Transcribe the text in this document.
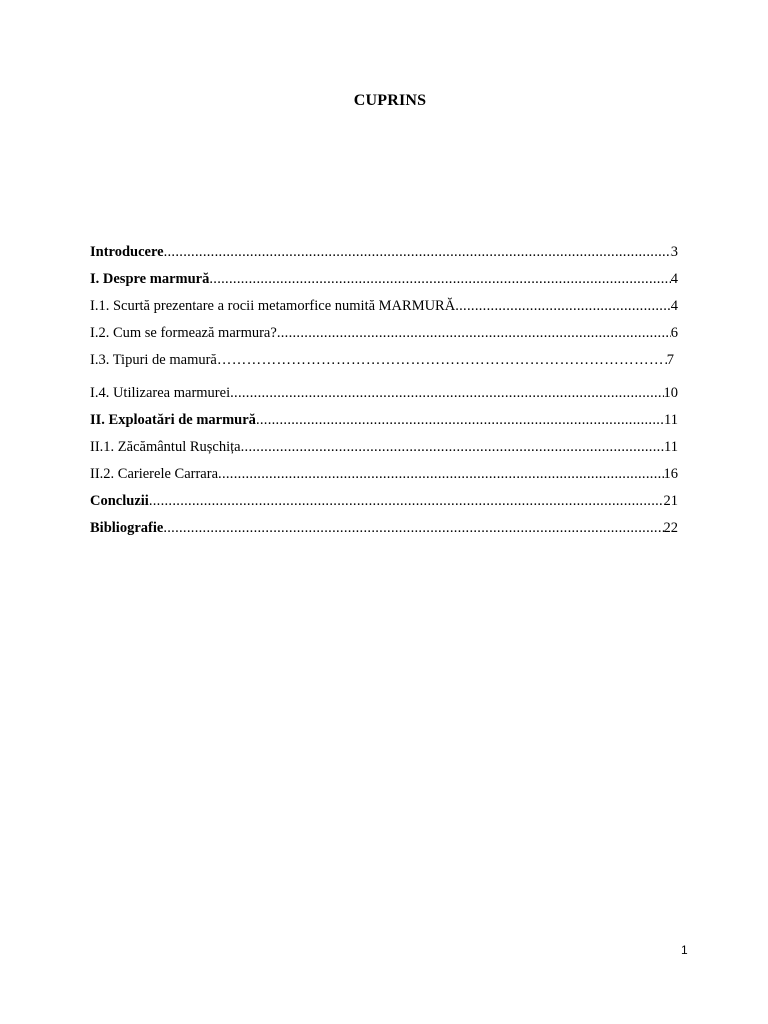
CUPRINS
Introducere .....	3
I. Despre marmură .....	4
I.1. Scurtă prezentare a rocii metamorfice numită MARMURĂ .....	4
I.2. Cum se formează marmura? .....	6
I.3. Tipuri de mamură ………………………………………………………………………………………………………………………………………………………	7
I.4. Utilizarea marmurei .....	10
II. Exploatări de marmură .....	11
II.1. Zăcământul Rușchița .....	11
II.2. Carierele Carrara .....	16
Concluzii .....	21
Bibliografie .....	22
1
